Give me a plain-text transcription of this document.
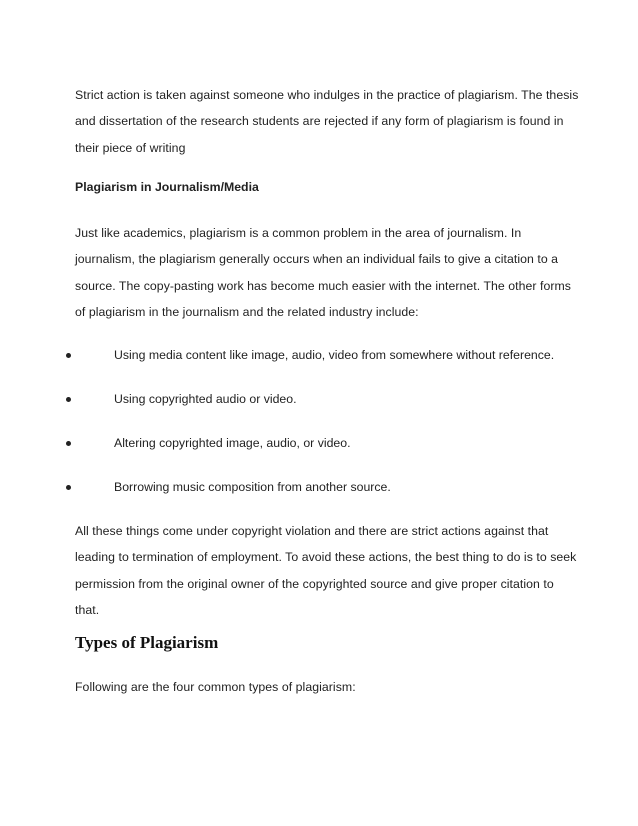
Strict action is taken against someone who indulges in the practice of plagiarism. The thesis
and dissertation of the research students are rejected if any form of plagiarism is found in
their piece of writing

Plagiarism in Journalism/Media

Just like academics, plagiarism is a common problem in the area of journalism. In
journalism, the plagiarism generally occurs when an individual fails to give a citation to a
source. The copy-pasting work has become much easier with the internet. The other forms
of plagiarism in the journalism and the related industry include:

Using media content like image, audio, video from somewhere without reference.
Using copyrighted audio or video.
Altering copyrighted image, audio, or video.
Borrowing music composition from another source.

All these things come under copyright violation and there are strict actions against that
leading to termination of employment. To avoid these actions, the best thing to do is to seek
permission from the original owner of the copyrighted source and give proper citation to
that.

Types of Plagiarism

Following are the four common types of plagiarism:
